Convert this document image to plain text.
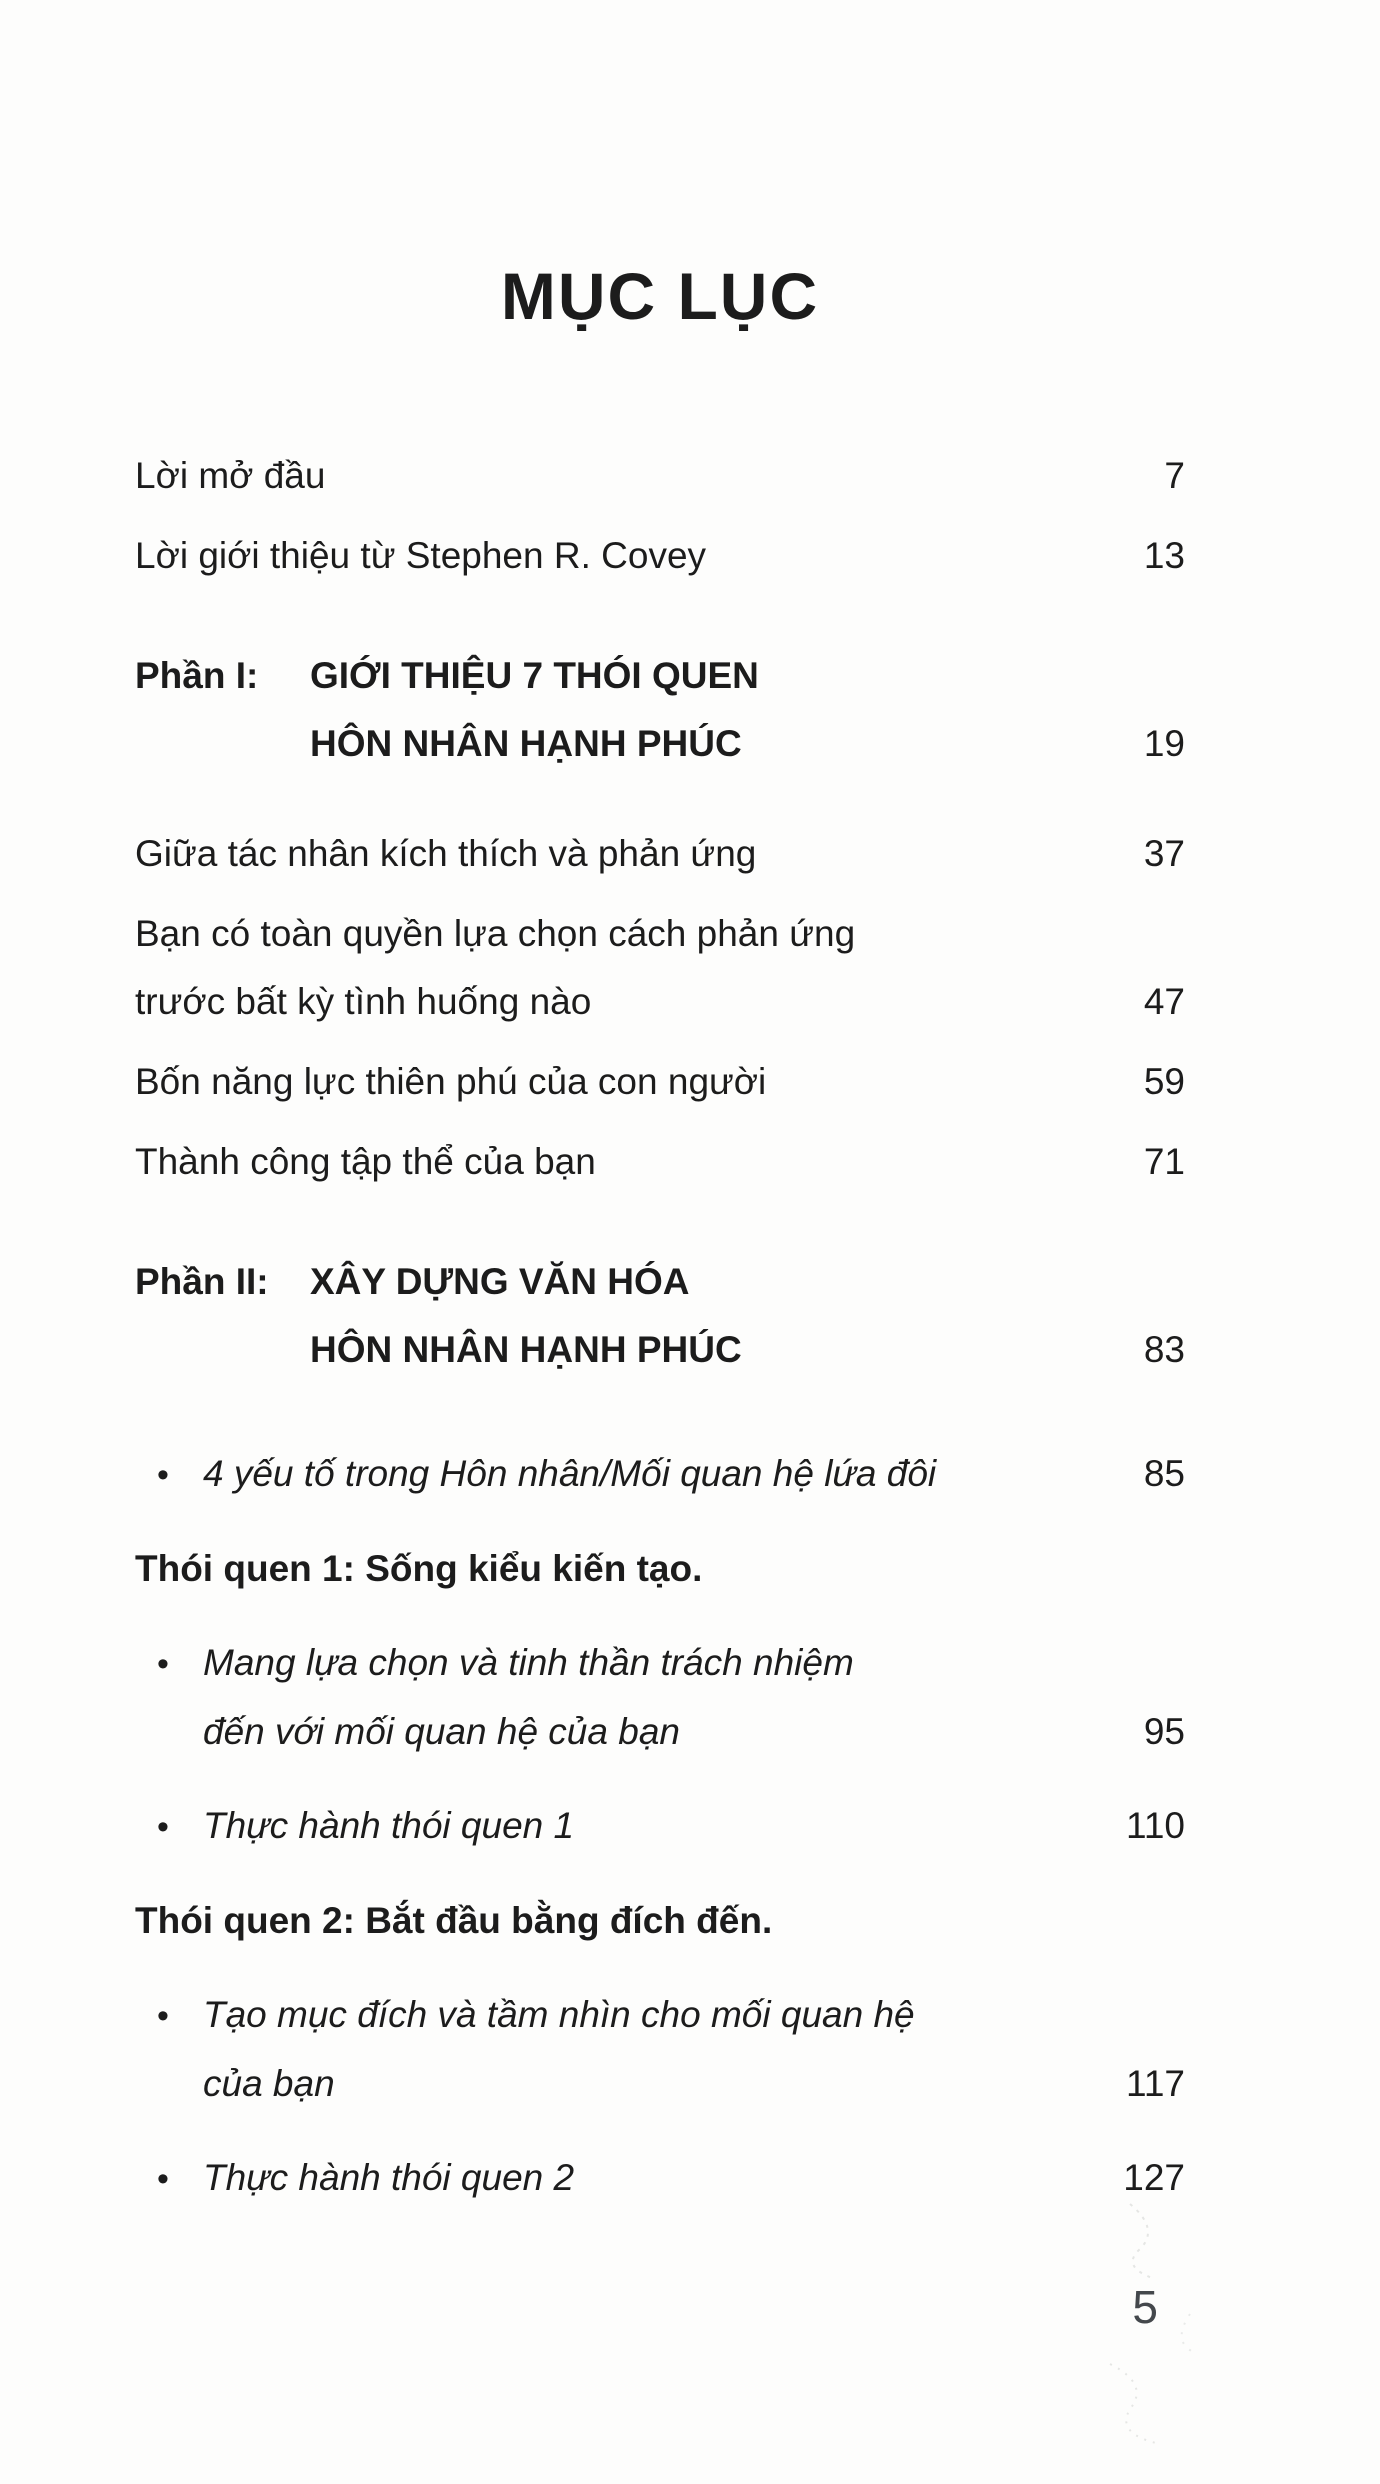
MỤC LỤC
Lời mở đầu	7
Lời giới thiệu từ Stephen R. Covey	13
Phần I:	GIỚI THIỆU 7 THÓI QUEN
HÔN NHÂN HẠNH PHÚC	19
Giữa tác nhân kích thích và phản ứng	37
Bạn có toàn quyền lựa chọn cách phản ứng
trước bất kỳ tình huống nào	47
Bốn năng lực thiên phú của con người	59
Thành công tập thể của bạn	71
Phần II:	XÂY DỰNG VĂN HÓA
HÔN NHÂN HẠNH PHÚC	83
• 4 yếu tố trong Hôn nhân/Mối quan hệ lứa đôi	85
Thói quen 1: Sống kiểu kiến tạo.
• Mang lựa chọn và tinh thần trách nhiệm
đến với mối quan hệ của bạn	95
• Thực hành thói quen 1	110
Thói quen 2: Bắt đầu bằng đích đến.
• Tạo mục đích và tầm nhìn cho mối quan hệ
của bạn	117
• Thực hành thói quen 2	127
5
